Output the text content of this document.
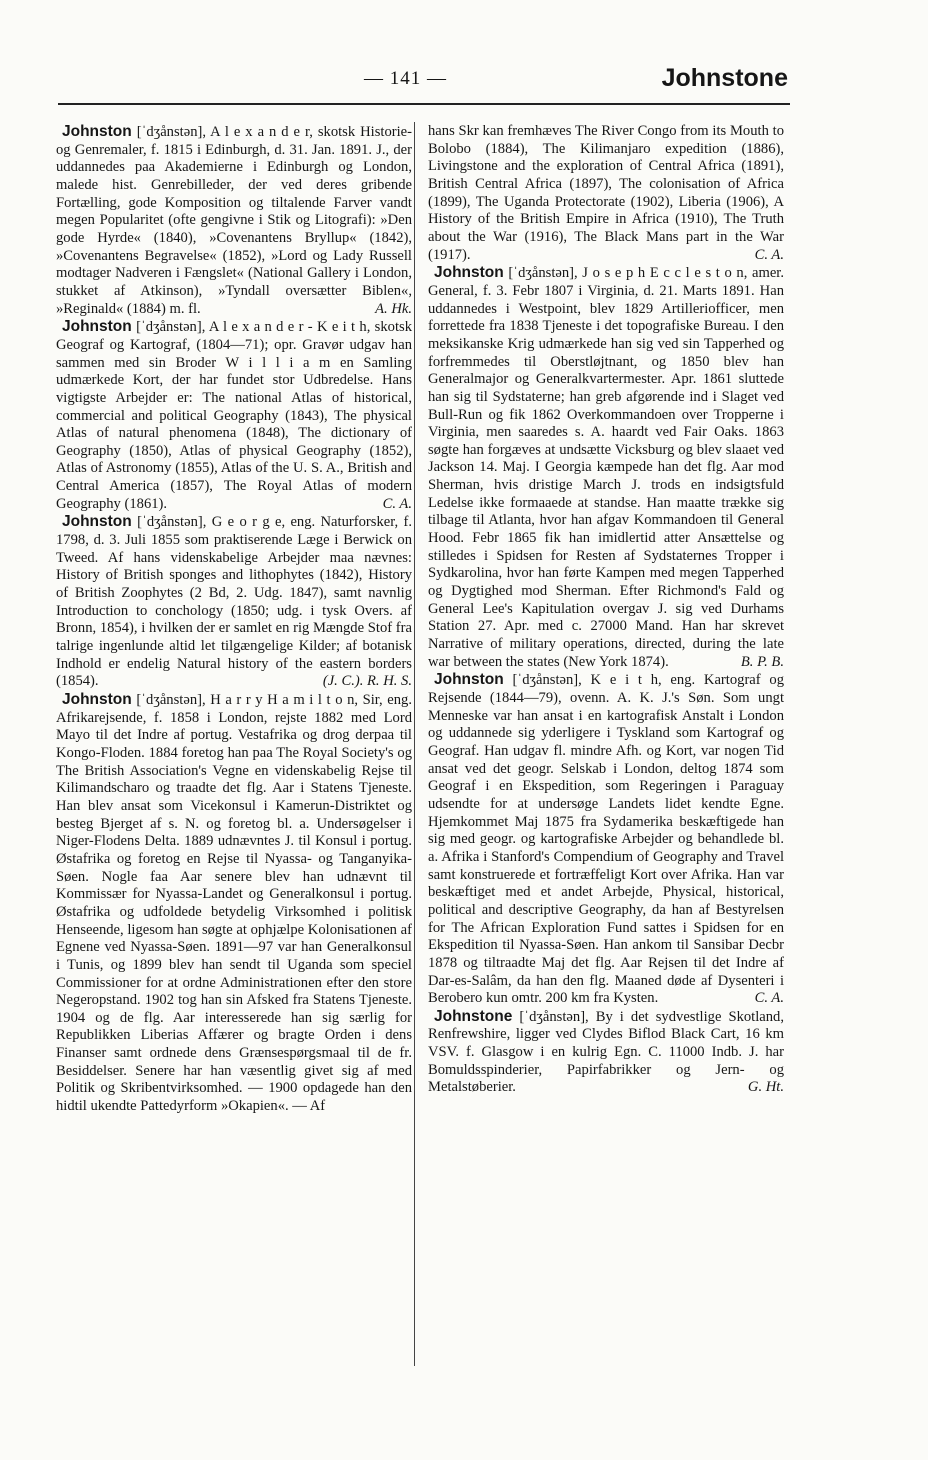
— 141 —	Johnstone

Johnston [ˈdʒånstən], A l e x a n d e r, skotsk Historie- og Genremaler, f. 1815 i Edinburgh, d. 31. Jan. 1891. J., der uddannedes paa Akademierne i Edinburgh og London, malede hist. Genrebilleder, der ved deres gribende Fortælling, gode Komposition og tiltalende Farver vandt megen Popularitet (ofte gengivne i Stik og Litografi): »Den gode Hyrde« (1840), »Covenantens Bryllup« (1842), »Covenantens Begravelse« (1852), »Lord og Lady Russell modtager Nadveren i Fængslet« (National Gallery i London, stukket af Atkinson), »Tyndall oversætter Biblen«, »Reginald« (1884) m. fl.	A. Hk.

Johnston [ˈdʒånstən], A l e x a n d e r - K e i t h, skotsk Geograf og Kartograf, (1804—71); opr. Gravør udgav han sammen med sin Broder W i l l i a m en Samling udmærkede Kort, der har fundet stor Udbredelse. Hans vigtigste Arbejder er: The national Atlas of historical, commercial and political Geography (1843), The physical Atlas of natural phenomena (1848), The dictionary of Geography (1850), Atlas of physical Geography (1852), Atlas of Astronomy (1855), Atlas of the U. S. A., British and Central America (1857), The Royal Atlas of modern Geography (1861).	C. A.

Johnston [ˈdʒånstən], G e o r g e, eng. Naturforsker, f. 1798, d. 3. Juli 1855 som praktiserende Læge i Berwick on Tweed. Af hans videnskabelige Arbejder maa nævnes: History of British sponges and lithophytes (1842), History of British Zoophytes (2 Bd, 2. Udg. 1847), samt navnlig Introduction to conchology (1850; udg. i tysk Overs. af Bronn, 1854), i hvilken der er samlet en rig Mængde Stof fra talrige ingenlunde altid let tilgængelige Kilder; af botanisk Indhold er endelig Natural history of the eastern borders (1854).	(J. C.). R. H. S.

Johnston [ˈdʒånstən], H a r r y H a m i l t o n, Sir, eng. Afrikarejsende, f. 1858 i London, rejste 1882 med Lord Mayo til det Indre af portug. Vestafrika og drog derpaa til Kongo-Floden. 1884 foretog han paa The Royal Society's og The British Association's Vegne en videnskabelig Rejse til Kilimandscharo og traadte det flg. Aar i Statens Tjeneste. Han blev ansat som Vicekonsul i Kamerun-Distriktet og besteg Bjerget af s. N. og foretog bl. a. Undersøgelser i Niger-Flodens Delta. 1889 udnævntes J. til Konsul i portug. Østafrika og foretog en Rejse til Nyassa- og Tanganyika-Søen. Nogle faa Aar senere blev han udnævnt til Kommissær for Nyassa-Landet og Generalkonsul i portug. Østafrika og udfoldede betydelig Virksomhed i politisk Henseende, ligesom han søgte at ophjælpe Kolonisationen af Egnene ved Nyassa-Søen. 1891—97 var han Generalkonsul i Tunis, og 1899 blev han sendt til Uganda som speciel Commissioner for at ordne Administrationen efter den store Negeropstand. 1902 tog han sin Afsked fra Statens Tjeneste. 1904 og de flg. Aar interesserede han sig særlig for Republikken Liberias Affærer og bragte Orden i dens Finanser samt ordnede dens Grænsespørgsmaal til de fr. Besiddelser. Senere har han væsentlig givet sig af med Politik og Skribentvirksomhed. — 1900 opdagede han den hidtil ukendte Pattedyrform »Okapien«. — Af

hans Skr kan fremhæves The River Congo from its Mouth to Bolobo (1884), The Kilimanjaro expedition (1886), Livingstone and the exploration of Central Africa (1891), British Central Africa (1897), The colonisation of Africa (1899), The Uganda Protectorate (1902), Liberia (1906), A History of the British Empire in Africa (1910), The Truth about the War (1916), The Black Mans part in the War (1917).	C. A.

Johnston [ˈdʒånstən], J o s e p h E c c l e s t o n, amer. General, f. 3. Febr 1807 i Virginia, d. 21. Marts 1891. Han uddannedes i Westpoint, blev 1829 Artilleriofficer, men forrettede fra 1838 Tjeneste i det topografiske Bureau. I den meksikanske Krig udmærkede han sig ved sin Tapperhed og forfremmedes til Oberstløjtnant, og 1850 blev han Generalmajor og Generalkvartermester. Apr. 1861 sluttede han sig til Sydstaterne; han greb afgørende ind i Slaget ved Bull-Run og fik 1862 Overkommandoen over Tropperne i Virginia, men saaredes s. A. haardt ved Fair Oaks. 1863 søgte han forgæves at undsætte Vicksburg og blev slaaet ved Jackson 14. Maj. I Georgia kæmpede han det flg. Aar mod Sherman, hvis dristige March J. trods en indsigtsfuld Ledelse ikke formaaede at standse. Han maatte trække sig tilbage til Atlanta, hvor han afgav Kommandoen til General Hood. Febr 1865 fik han imidlertid atter Ansættelse og stilledes i Spidsen for Resten af Sydstaternes Tropper i Sydkarolina, hvor han førte Kampen med megen Tapperhed og Dygtighed mod Sherman. Efter Richmond's Fald og General Lee's Kapitulation overgav J. sig ved Durhams Station 27. Apr. med c. 27000 Mand. Han har skrevet Narrative of military operations, directed, during the late war between the states (New York 1874).	B. P. B.

Johnston [ˈdʒånstən], K e i t h, eng. Kartograf og Rejsende (1844—79), ovenn. A. K. J.'s Søn. Som ungt Menneske var han ansat i en kartografisk Anstalt i London og uddannede sig yderligere i Tyskland som Kartograf og Geograf. Han udgav fl. mindre Afh. og Kort, var nogen Tid ansat ved det geogr. Selskab i London, deltog 1874 som Geograf i en Ekspedition, som Regeringen i Paraguay udsendte for at undersøge Landets lidet kendte Egne. Hjemkommet Maj 1875 fra Sydamerika beskæftigede han sig med geogr. og kartografiske Arbejder og behandlede bl. a. Afrika i Stanford's Compendium of Geography and Travel samt konstruerede et fortræffeligt Kort over Afrika. Han var beskæftiget med et andet Arbejde, Physical, historical, political and descriptive Geography, da han af Bestyrelsen for The African Exploration Fund sattes i Spidsen for en Ekspedition til Nyassa-Søen. Han ankom til Sansibar Decbr 1878 og tiltraadte Maj det flg. Aar Rejsen til det Indre af Dar-es-Salâm, da han den flg. Maaned døde af Dysenteri i Berobero kun omtr. 200 km fra Kysten.	C. A.

Johnstone [ˈdʒånstən], By i det sydvestlige Skotland, Renfrewshire, ligger ved Clydes Biflod Black Cart, 16 km VSV. f. Glasgow i en kulrig Egn. C. 11000 Indb. J. har Bomuldsspinderier, Papirfabrikker og Jern- og Metalstøberier.	G. Ht.
